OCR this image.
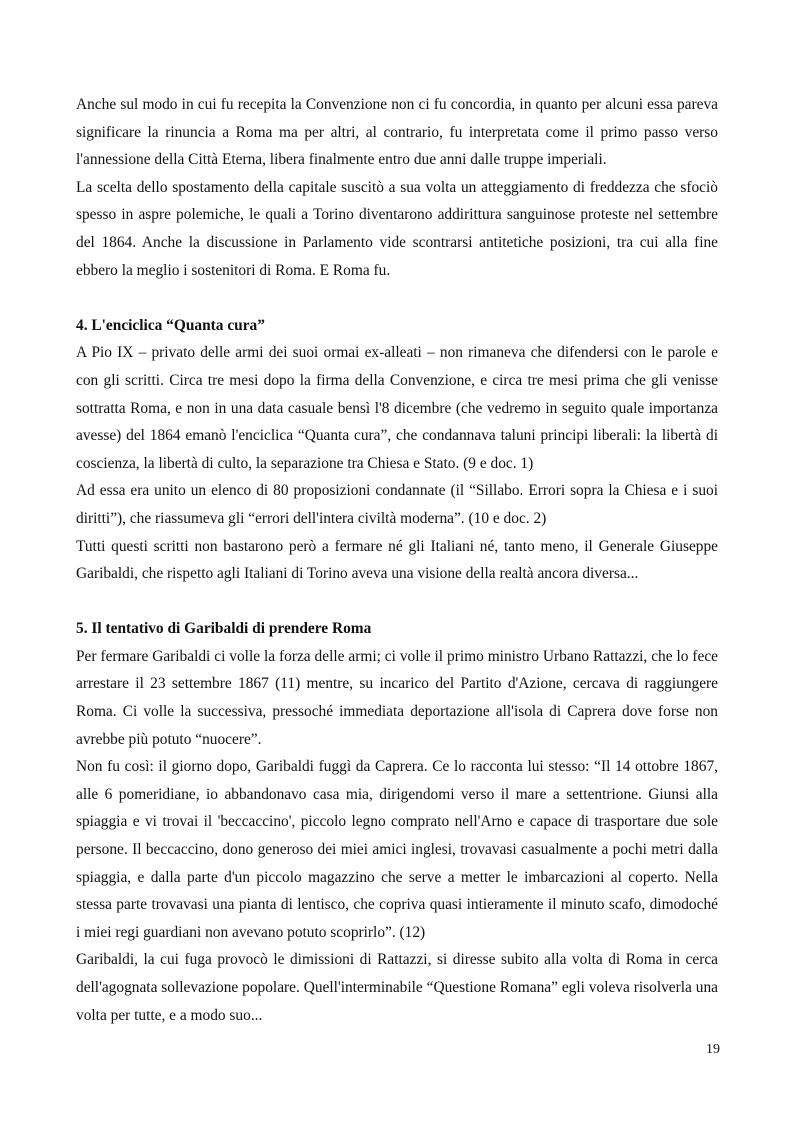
Anche sul modo in cui fu recepita la Convenzione non ci fu concordia, in quanto per alcuni essa pareva significare la rinuncia a Roma ma per altri, al contrario, fu interpretata come il primo passo verso l'annessione della Città Eterna, libera finalmente entro due anni dalle truppe imperiali.

La scelta dello spostamento della capitale suscitò a sua volta un atteggiamento di freddezza che sfociò spesso in aspre polemiche, le quali a Torino diventarono addirittura sanguinose proteste nel settembre del 1864. Anche la discussione in Parlamento vide scontrarsi antitetiche posizioni, tra cui alla fine ebbero la meglio i sostenitori di Roma. E Roma fu.

4. L'enciclica “Quanta cura”

A Pio IX – privato delle armi dei suoi ormai ex-alleati – non rimaneva che difendersi con le parole e con gli scritti. Circa tre mesi dopo la firma della Convenzione, e circa tre mesi prima che gli venisse sottratta Roma, e non in una data casuale bensì l'8 dicembre (che vedremo in seguito quale importanza avesse) del 1864 emanò l'enciclica “Quanta cura”, che condannava taluni principi liberali: la libertà di coscienza, la libertà di culto, la separazione tra Chiesa e Stato. (9 e doc. 1)

Ad essa era unito un elenco di 80 proposizioni condannate (il “Sillabo. Errori sopra la Chiesa e i suoi diritti”), che riassumeva gli “errori dell'intera civiltà moderna”. (10 e doc. 2)

Tutti questi scritti non bastarono però a fermare né gli Italiani né, tanto meno, il Generale Giuseppe Garibaldi, che rispetto agli Italiani di Torino aveva una visione della realtà ancora diversa...

5. Il tentativo di Garibaldi di prendere Roma

Per fermare Garibaldi ci volle la forza delle armi; ci volle il primo ministro Urbano Rattazzi, che lo fece arrestare il 23 settembre 1867 (11) mentre, su incarico del Partito d'Azione, cercava di raggiungere Roma. Ci volle la successiva, pressoché immediata deportazione all'isola di Caprera dove forse non avrebbe più potuto “nuocere”.

Non fu così: il giorno dopo, Garibaldi fuggì da Caprera. Ce lo racconta lui stesso: “Il 14 ottobre 1867, alle 6 pomeridiane, io abbandonavo casa mia, dirigendomi verso il mare a settentrione. Giunsi alla spiaggia e vi trovai il 'beccaccino', piccolo legno comprato nell'Arno e capace di trasportare due sole persone. Il beccaccino, dono generoso dei miei amici inglesi, trovavasi casualmente a pochi metri dalla spiaggia, e dalla parte d'un piccolo magazzino che serve a metter le imbarcazioni al coperto. Nella stessa parte trovavasi una pianta di lentisco, che copriva quasi intieramente il minuto scafo, dimodoché i miei regi guardiani non avevano potuto scoprirlo”. (12)

Garibaldi, la cui fuga provocò le dimissioni di Rattazzi, si diresse subito alla volta di Roma in cerca dell'agognata sollevazione popolare. Quell'interminabile “Questione Romana” egli voleva risolverla una volta per tutte, e a modo suo...

19
